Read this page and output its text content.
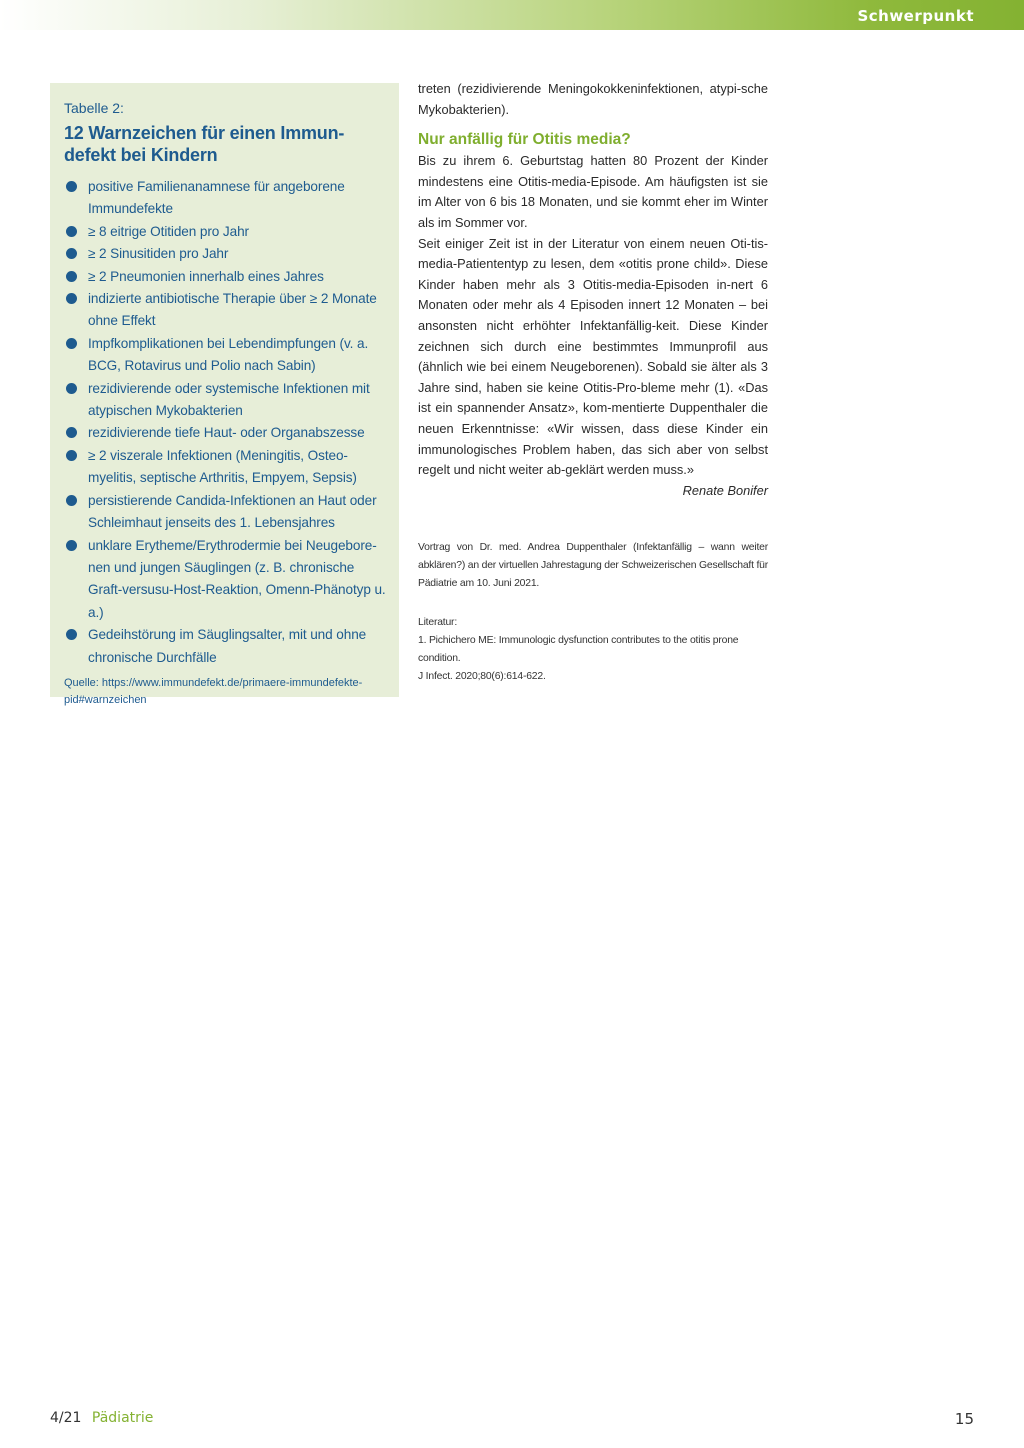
Schwerpunkt
Tabelle 2:
12 Warnzeichen für einen Immun-defekt bei Kindern
positive Familienanamnese für angeborene Immundefekte
≥ 8 eitrige Otitiden pro Jahr
≥ 2 Sinusitiden pro Jahr
≥ 2 Pneumonien innerhalb eines Jahres
indizierte antibiotische Therapie über ≥ 2 Monate ohne Effekt
Impfkomplikationen bei Lebendimpfungen (v. a. BCG, Rotavirus und Polio nach Sabin)
rezidivierende oder systemische Infektionen mit atypischen Mykobakterien
rezidivierende tiefe Haut- oder Organabszesse
≥ 2 viszerale Infektionen (Meningitis, Osteo-myelitis, septische Arthritis, Empyem, Sepsis)
persistierende Candida-Infektionen an Haut oder Schleimhaut jenseits des 1. Lebensjahres
unklare Erytheme/Erythrodermie bei Neugebore-nen und jungen Säuglingen (z. B. chronische Graft-versusu-Host-Reaktion, Omenn-Phänotyp u. a.)
Gedeihstörung im Säuglingsalter, mit und ohne chronische Durchfälle
Quelle: https://www.immundefekt.de/primaere-immundefekte-pid#warnzeichen

treten (rezidivierende Meningokokkeninfektionen, atypi-sche Mykobakterien).

Nur anfällig für Otitis media?

Bis zu ihrem 6. Geburtstag hatten 80 Prozent der Kinder mindestens eine Otitis-media-Episode. Am häufigsten ist sie im Alter von 6 bis 18 Monaten, und sie kommt eher im Winter als im Sommer vor.

Seit einiger Zeit ist in der Literatur von einem neuen Oti-tis-media-Patiententyp zu lesen, dem «otitis prone child». Diese Kinder haben mehr als 3 Otitis-media-Episoden in-nert 6 Monaten oder mehr als 4 Episoden innert 12 Monaten – bei ansonsten nicht erhöhter Infektanfällig-keit. Diese Kinder zeichnen sich durch eine bestimmtes Immunprofil aus (ähnlich wie bei einem Neugeborenen). Sobald sie älter als 3 Jahre sind, haben sie keine Otitis-Pro-bleme mehr (1). «Das ist ein spannender Ansatz», kom-mentierte Duppenthaler die neuen Erkenntnisse: «Wir wissen, dass diese Kinder ein immunologisches Problem haben, das sich aber von selbst regelt und nicht weiter ab-geklärt werden muss.»

Renate Bonifer

Vortrag von Dr. med. Andrea Duppenthaler (Infektanfällig – wann weiter abklären?) an der virtuellen Jahrestagung der Schweizerischen Gesellschaft für Pädiatrie am 10. Juni 2021.

Literatur:

1. Pichichero ME: Immunologic dysfunction contributes to the otitis prone condition.

J Infect. 2020;80(6):614-622.

4/21 Pädiatrie	15
